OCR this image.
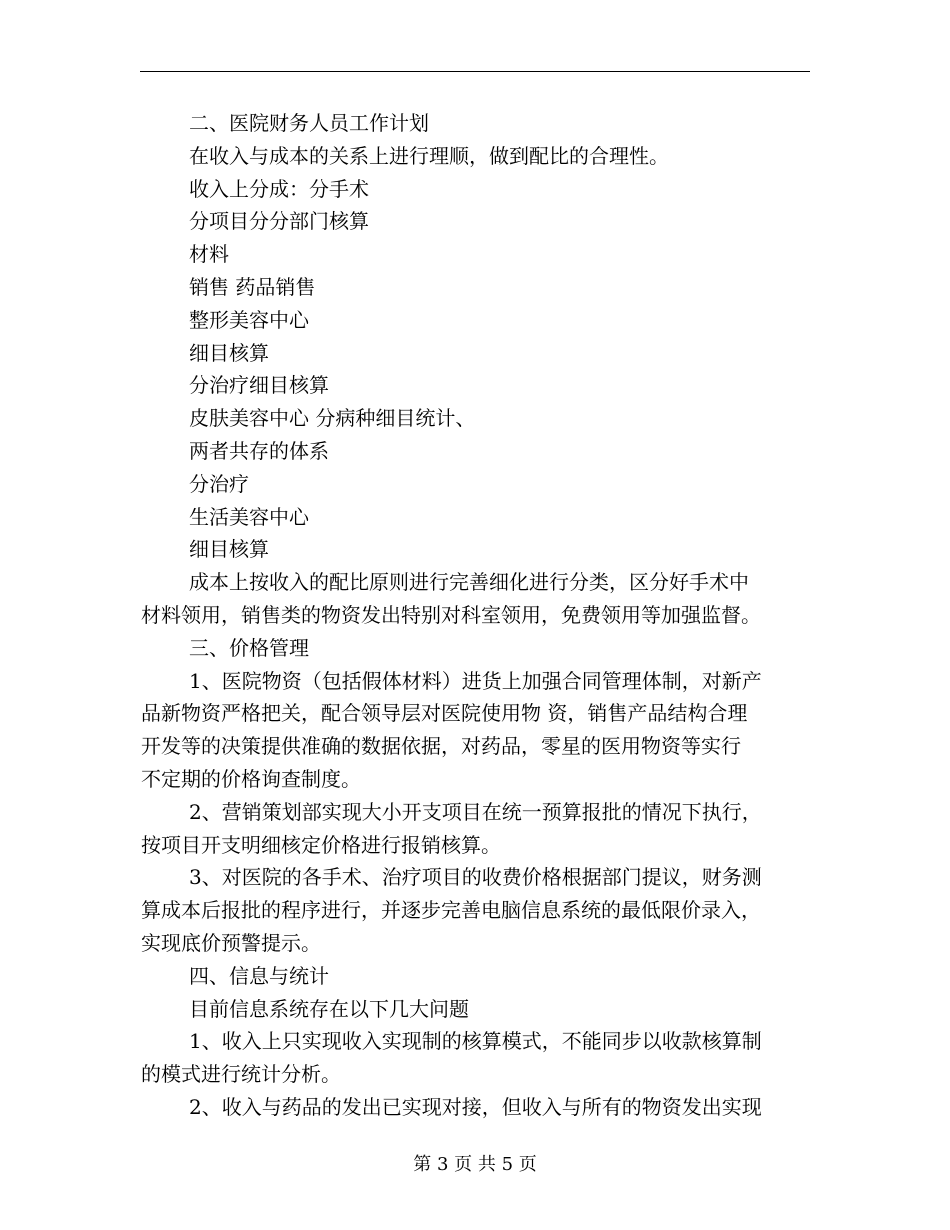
二、医院财务人员工作计划
在收入与成本的关系上进行理顺，做到配比的合理性。
收入上分成：分手术
分项目分分部门核算
材料
销售 药品销售
整形美容中心
细目核算
分治疗细目核算
皮肤美容中心 分病种细目统计、
两者共存的体系
分治疗
生活美容中心
细目核算
成本上按收入的配比原则进行完善细化进行分类，区分好手术中
材料领用，销售类的物资发出特别对科室领用，免费领用等加强监督。
三、价格管理
1、医院物资（包括假体材料）进货上加强合同管理体制，对新产
品新物资严格把关，配合领导层对医院使用物 资，销售产品结构合理
开发等的决策提供准确的数据依据，对药品，零星的医用物资等实行
不定期的价格询查制度。
2、营销策划部实现大小开支项目在统一预算报批的情况下执行，
按项目开支明细核定价格进行报销核算。
3、对医院的各手术、治疗项目的收费价格根据部门提议，财务测
算成本后报批的程序进行，并逐步完善电脑信息系统的最低限价录入，
实现底价预警提示。
四、信息与统计
目前信息系统存在以下几大问题
1、收入上只实现收入实现制的核算模式，不能同步以收款核算制
的模式进行统计分析。
2、收入与药品的发出已实现对接，但收入与所有的物资发出实现
第 3 页 共 5 页
